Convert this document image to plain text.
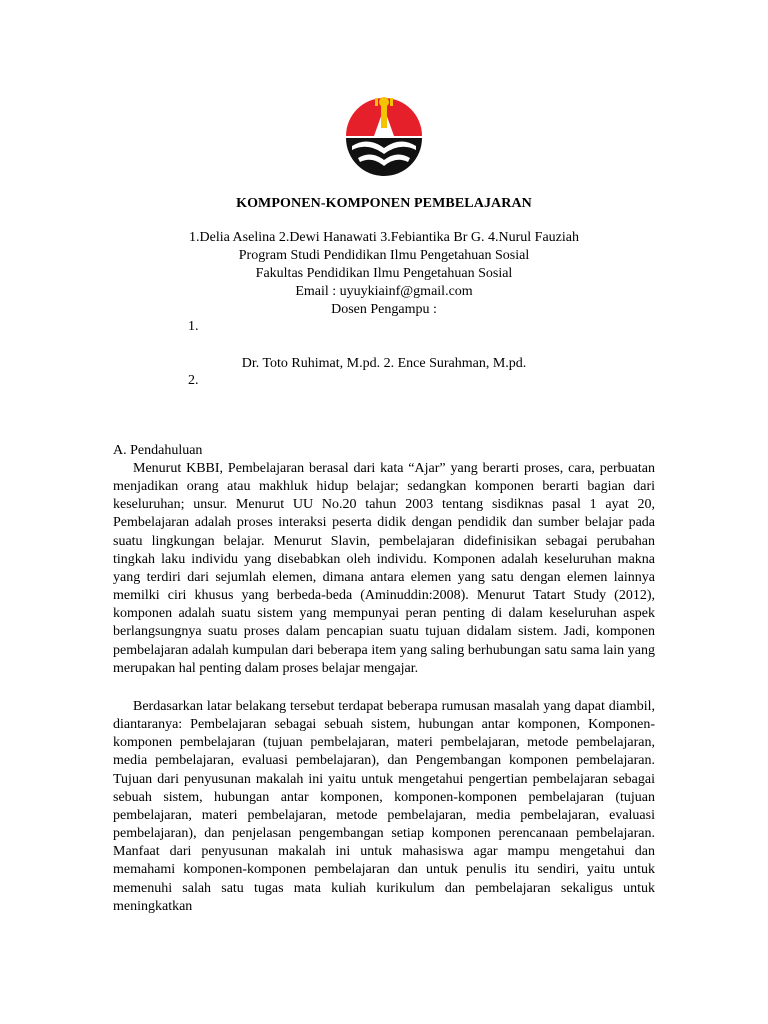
KOMPONEN-KOMPONEN PEMBELAJARAN
1.Delia Aselina 2.Dewi Hanawati 3.Febiantika Br G. 4.Nurul Fauziah
Program Studi Pendidikan Ilmu Pengetahuan Sosial
Fakultas Pendidikan Ilmu Pengetahuan Sosial
Email : uyuykiainf@gmail.com
Dosen Pengampu :
1.
Dr. Toto Ruhimat, M.pd. 2. Ence Surahman, M.pd.
2.
A. Pendahuluan

Menurut KBBI, Pembelajaran berasal dari kata “Ajar” yang berarti proses, cara, perbuatan menjadikan orang atau makhluk hidup belajar; sedangkan komponen berarti bagian dari keseluruhan; unsur. Menurut UU No.20 tahun 2003 tentang sisdiknas pasal 1 ayat 20, Pembelajaran adalah proses interaksi peserta didik dengan pendidik dan sumber belajar pada suatu lingkungan belajar. Menurut Slavin, pembelajaran didefinisikan sebagai perubahan tingkah laku individu yang disebabkan oleh individu. Komponen adalah keseluruhan makna yang terdiri dari sejumlah elemen, dimana antara elemen yang satu dengan elemen lainnya memilki ciri khusus yang berbeda-beda (Aminuddin:2008). Menurut Tatart Study (2012), komponen adalah suatu sistem yang mempunyai peran penting di dalam keseluruhan aspek berlangsungnya suatu proses dalam pencapian suatu tujuan didalam sistem. Jadi, komponen pembelajaran adalah kumpulan dari beberapa item yang saling berhubungan satu sama lain yang merupakan hal penting dalam proses belajar mengajar.

Berdasarkan latar belakang tersebut terdapat beberapa rumusan masalah yang dapat diambil, diantaranya: Pembelajaran sebagai sebuah sistem, hubungan antar komponen, Komponen-komponen pembelajaran (tujuan pembelajaran, materi pembelajaran, metode pembelajaran, media pembelajaran, evaluasi pembelajaran), dan Pengembangan komponen pembelajaran. Tujuan dari penyusunan makalah ini yaitu untuk mengetahui pengertian pembelajaran sebagai sebuah sistem, hubungan antar komponen, komponen-komponen pembelajaran (tujuan pembelajaran, materi pembelajaran, metode pembelajaran, media pembelajaran, evaluasi pembelajaran), dan penjelasan pengembangan setiap komponen perencanaan pembelajaran. Manfaat dari penyusunan makalah ini untuk mahasiswa agar mampu mengetahui dan memahami komponen-komponen pembelajaran dan untuk penulis itu sendiri, yaitu untuk memenuhi salah satu tugas mata kuliah kurikulum dan pembelajaran sekaligus untuk meningkatkan
